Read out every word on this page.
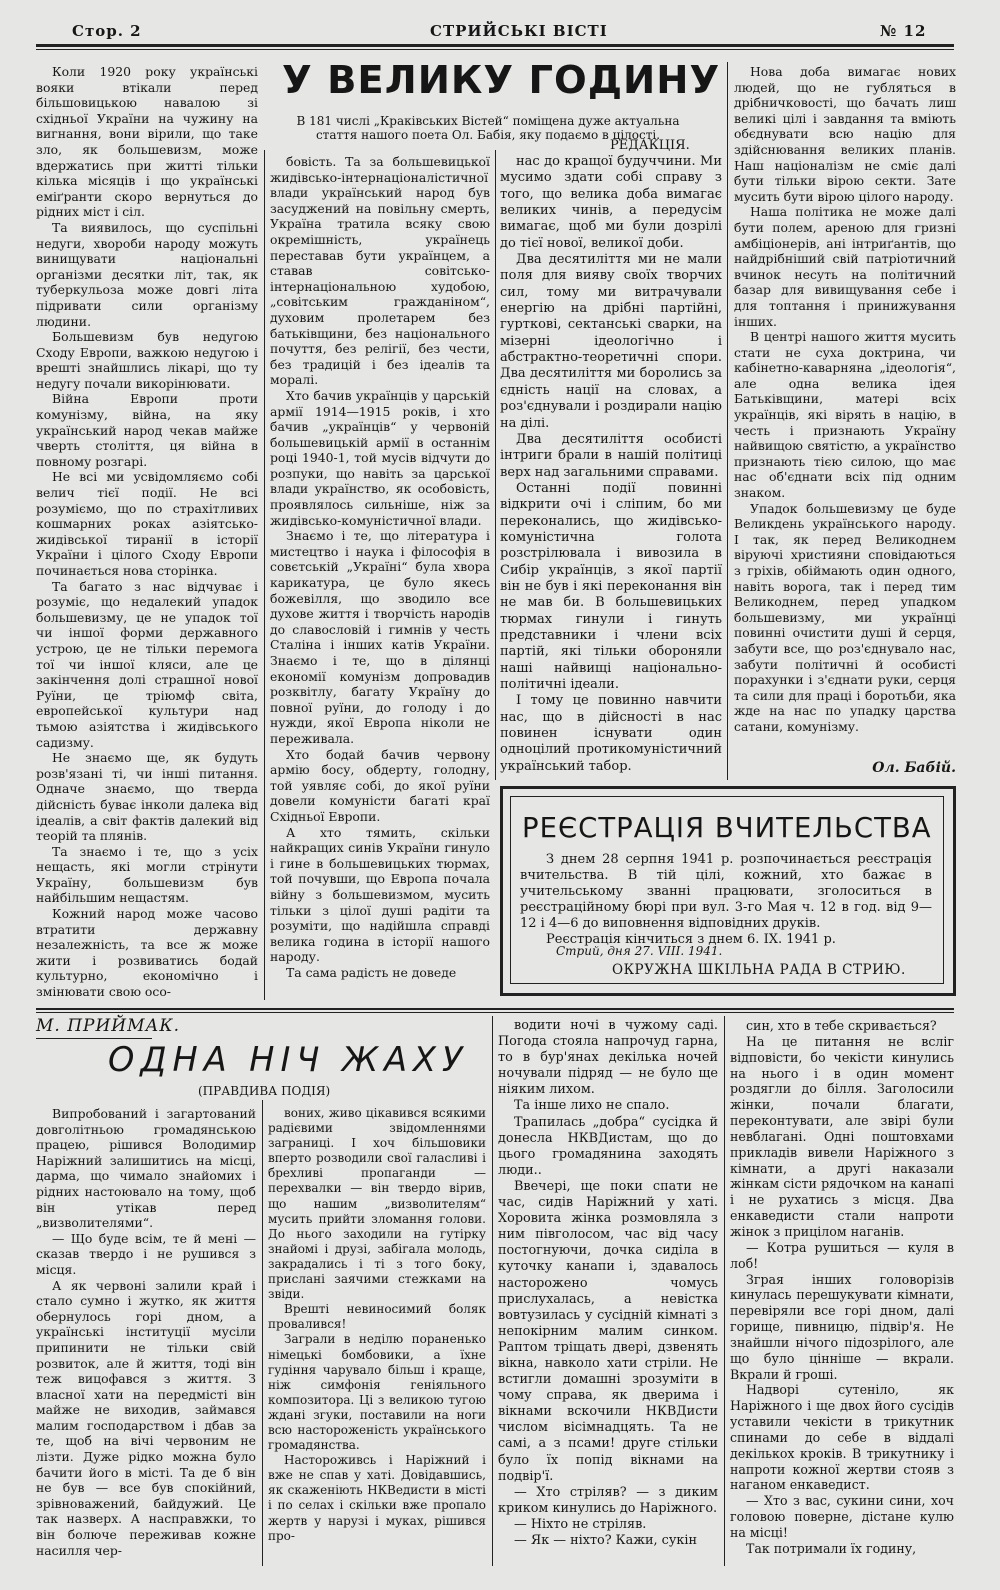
Стор. 2	СТРИЙСЬКІ ВІСТІ	№ 12
У ВЕЛИКУ ГОДИНУ
В 181 числі „Краківських Вістей“ поміщена дуже актуальна стаття нашого поета Ол. Бабія, яку подаємо в цілості.
РЕДАКЦІЯ.

Коли 1920 року українські вояки втікали перед більшовицькою навалою зі східньої України на чужину на вигнання, вони вірили, що таке зло, як большевизм, може вдержатись при житті тільки кілька місяців і що українські еміґранти скоро вернуться до рідних міст і сіл.

Та виявилось, що суспільні недуги, хвороби народу можуть винищувати національні організми десятки літ, так, як туберкульоза може довгі літа підривати сили організму людини.

Большевизм був недугою Сходу Европи, важкою недугою і врешті знайшлись лікарі, що ту недугу почали викорінювати.

Війна Европи проти комунізму, війна, на яку український народ чекав майже чверть століття, ця війна в повному розгарі.

Не всі ми усвідомляємо собі велич тієї події. Не всі розуміємо, що по страхітливих кошмарних роках азіятсько-жидівської тиранії в історії України і цілого Сходу Европи починається нова сторінка.

Та багато з нас відчуває і розуміє, що недалекий упадок большевизму, це не упадок тої чи іншої форми державного устрою, це не тільки перемога тої чи іншої кляси, але це закінчення долі страшної нової Руїни, це тріюмф світа, европейської культури над тьмою азіятства і жидівського садизму.

Не знаємо ще, як будуть розв'язані ті, чи інші питання. Одначе знаємо, що тверда дійсність буває інколи далека від ідеалів, а світ фактів далекий від теорій та плянів.

Та знаємо і те, що з усіх нещасть, які могли стрінути Україну, большевизм був найбільшим нещастям.

Кожний народ може часово втратити державну незалежність, та все ж може жити і розвиватись бодай культурно, економічно і змінювати свою осо-

бовість. Та за большевицької жидівсько-інтернаціоналістичної влади український народ був засуджений на повільну смерть, Україна тратила всяку свою окремішність, українець переставав бути українцем, а ставав совітсько-інтернаціональною худобою, „совітським гражданіном“, духовим пролетарем без батьківщини, без національного почуття, без релігії, без чести, без традицій і без ідеалів та моралі.

Хто бачив українців у царській армії 1914—1915 років, і хто бачив „українців“ у червоній большевицькій армії в останнім році 1940-1, той мусів відчути до розпуки, що навіть за царської влади українство, як особовість, проявлялось сильніше, ніж за жидівсько-комуністичної влади.

Знаємо і те, що література і мистецтво і наука і філософія в совєтській „Україні“ була хвора карикатура, це було якесь божевілля, що зводило все духове життя і творчість народів до славословій і гимнів у честь Сталіна і інших катів України. Знаємо і те, що в ділянці економії комунізм допровадив розквітлу, багату Україну до повної руїни, до голоду і до нужди, якої Европа ніколи не переживала.

Хто бодай бачив червону армію босу, обдерту, голодну, той уявляє собі, до якої руїни довели комуністи багаті краї Східньої Европи.

А хто тямить, скільки найкращих синів України гинуло і гине в большевицьких тюрмах, той почувши, що Европа почала війну з большевизмом, мусить тільки з цілої душі радіти та розуміти, що надійшла справді велика година в історії нашого народу.

Та сама радість не доведе

нас до кращої будуччини. Ми мусимо здати собі справу з того, що велика доба вимагає великих чинів, а передусім вимагає, щоб ми були дозрілі до тієї нової, великої доби.

Два десятиліття ми не мали поля для вияву своїх творчих сил, тому ми витрачували енергію на дрібні партійні, гурткові, сектанські сварки, на мізерні ідеологічно і абстрактно-теоретичні спори. Два десятиліття ми боролись за єдність нації на словах, а роз'єднували і роздирали націю на ділі.

Два десятиліття особисті інтриги брали в нашій політиці верх над загальними справами.

Останні події повинні відкрити очі і сліпим, бо ми переконались, що жидівсько-комуністична голота розстрілювала і вивозила в Сибір українців, з якої партії він не був і які переконання він не мав би. В большевицьких тюрмах гинули і гинуть представники і члени всіх партій, які тільки обороняли наші найвищі національно-політичні ідеали.

І тому це повинно навчити нас, що в дійсності в нас повинен існувати один одноцілий протикомуністичний український табор.

Нова доба вимагає нових людей, що не губляться в дрібничковості, що бачать лиш великі цілі і завдання та вміють обєднувати всю націю для здійснювання великих планів. Наш націоналізм не сміє далі бути тільки вірою секти. Зате мусить бути вірою цілого народу.

Наша політика не може далі бути полем, ареною для гризні амбіціонерів, ані інтриґантів, що найдрібніший свій патріотичний вчинок несуть на політичний базар для вивищування себе і для топтання і принижування інших.

В центрі нашого життя мусить стати не суха доктрина, чи кабінетно-каварняна „ідеологія“, але одна велика ідея Батьківщини, матері всіх українців, які вірять в націю, в честь і признають Україну найвищою святістю, а українство признають тією силою, що має нас об'єднати всіх під одним знаком.

Упадок большевизму це буде Великдень українського народу. І так, як перед Великоднем віруючі християни сповідаються з гріхів, обіймають один одного, навіть ворога, так і перед тим Великоднем, перед упадком большевизму, ми українці повинні очистити душі й серця, забути все, що роз'єднувало нас, забути політичні й особисті порахунки і з'єднати руки, серця та сили для праці і боротьби, яка жде на нас по упадку царства сатани, комунізму.

Ол. Бабій.
РЕЄСТРАЦІЯ ВЧИТЕЛЬСТВА

З днем 28 серпня 1941 р. розпочинається реєстрація вчительства. В тій цілі, кожний, хто бажає в учительському званні працювати, зголоситься в реєстраційному бюрі при вул. 3-го Мая ч. 12 в год. від 9—12 і 4—6 до виповнення відповідних друків.

Реєстрація кінчиться з днем 6. IX. 1941 р.

Стрий, дня 27. VIII. 1941.
ОКРУЖНА ШКІЛЬНА РАДА В СТРИЮ.
М. ПРИЙМАК.
ОДНА НІЧ ЖАХУ
(ПРАВДИВА ПОДІЯ)

Випробований і загартований довголітньою громадянською працею, рішився Володимир Наріжний залишитись на місці, дарма, що чимало знайомих і рідних настоювало на тому, щоб він утікав перед „визволителями“.

— Що буде всім, те й мені — сказав твердо і не рушився з місця.

А як червоні залили край і стало сумно і жутко, як життя обернулось горі дном, а українські інституції мусіли припинити не тільки свій розвиток, але й життя, тоді він теж вицофався з життя. З власної хати на передмісті він майже не виходив, займався малим господарством і дбав за те, щоб на вічі червоним не лізти. Дуже рідко можна було бачити його в місті. Та де б він не був — все був спокійний, зрівноважений, байдужий. Це так назверх. А насправжки, то він болюче переживав кожне насилля чер-

воних, живо цікавився всякими радієвими звідомленнями заграниці. І хоч більшовики вперто розводили свої галасливі і брехливі пропаганди — перехвалки — він твердо вірив, що нашим „визволителям“ мусить прийти зломання голови. До нього заходили на гутірку знайомі і друзі, забігала молодь, закрадались і ті з того боку, прислані заячими стежками на звіди.

Врешті невиносимий боляк провалився!

Заграли в неділю пораненько німецькі бомбовики, а їхне гудіння чарувало більш і краще, ніж симфонія геніяльного композитора. Ці з великою тугою ждані згуки, поставили на ноги всю настороженість українського громадянства.

Настороживсь і Наріжний і вже не спав у хаті. Довідавшись, як скаженіють НКВедисти в місті і по селах і скільки вже пропало жертв у нарузі і муках, рішився про-

водити ночі в чужому саді. Погода стояла напрочуд гарна, то в бур'янах декілька ночей ночували підряд — не було ще ніяким лихом.

Та інше лихо не спало.

Трапилась „добра“ сусідка й донесла НКВДистам, що до цього громадянина заходять люди..

Ввечері, ще поки спати не час, сидів Наріжний у хаті. Хоровита жінка розмовляла з ним півголосом, час від часу постогнуючи, дочка сиділа в куточку канапи і, здавалось насторожено чомусь прислухалась, а невістка вовтузилась у сусідній кімнаті з непокірним малим синком. Раптом тріщать двері, дзвенять вікна, навколо хати стріли. Не встигли домашні зрозуміти в чому справа, як дверима і вікнами вскочили НКВДисти числом вісімнадцять. Та не самі, а з псами! друге стільки було їх попід вікнами на подвір'ї.

— Хто стріляв? — з диким криком кинулись до Наріжного.

— Ніхто не стріляв.

— Як — ніхто? Кажи, сукін

син, хто в тебе скривається?

На це питання не всліг відповісти, бо чекісти кинулись на нього і в один момент роздягли до білля. Заголосили жінки, почали благати, переконтувати, але звірі були невблагані. Одні поштовхами прикладів вивели Наріжного з кімнати, а другі наказали жінкам сісти рядочком на канапі і не рухатись з місця. Два енкаведисти стали напроти жінок з прицілом наганів.

— Котра рушиться — куля в лоб!

Зграя інших головорізів кинулась перешукувати кімнати, перевіряли все горі дном, далі горище, пивницю, підвір'я. Не знайшли нічого підозрілого, але що було цінніше — вкрали. Вкрали й гроші.

Надворі сутеніло, як Наріжного і ще двох його сусідів уставили чекісти в трикутник спинами до себе в віддалі декількох кроків. В трикутнику і напроти кожної жертви стояв з наганом енкаведист.

— Хто з вас, сукини сини, хоч головою поверне, дістане кулю на місці!

Так потримали їх годину,
